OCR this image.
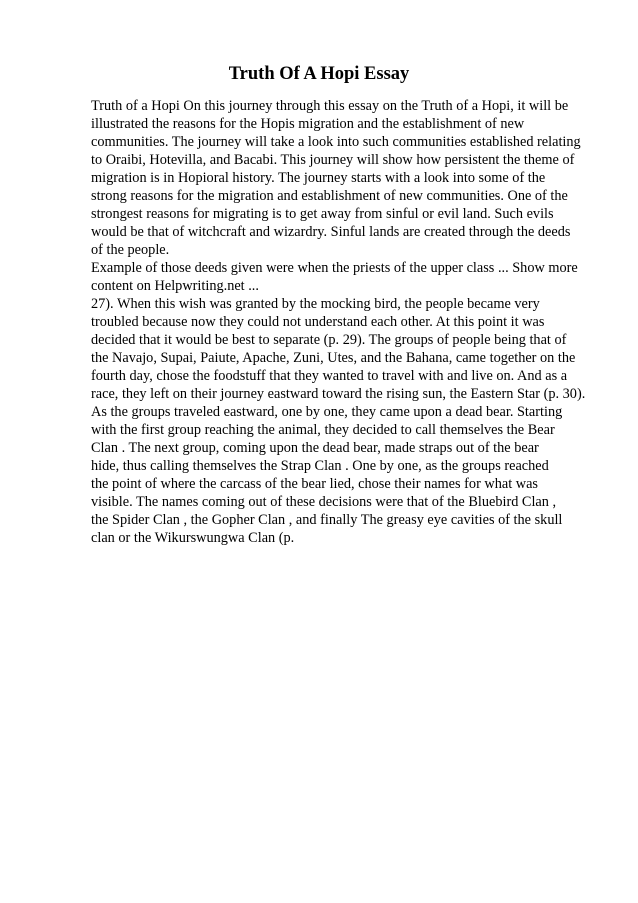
Truth Of A Hopi Essay
Truth of a Hopi On this journey through this essay on the Truth of a Hopi, it will be
illustrated the reasons for the Hopis migration and the establishment of new
communities. The journey will take a look into such communities established relating
to Oraibi, Hotevilla, and Bacabi. This journey will show how persistent the theme of
migration is in Hopioral history. The journey starts with a look into some of the
strong reasons for the migration and establishment of new communities. One of the
strongest reasons for migrating is to get away from sinful or evil land. Such evils
would be that of witchcraft and wizardry. Sinful lands are created through the deeds
of the people.
Example of those deeds given were when the priests of the upper class ... Show more
content on Helpwriting.net ...
27). When this wish was granted by the mocking bird, the people became very
troubled because now they could not understand each other. At this point it was
decided that it would be best to separate (p. 29). The groups of people being that of
the Navajo, Supai, Paiute, Apache, Zuni, Utes, and the Bahana, came together on the
fourth day, chose the foodstuff that they wanted to travel with and live on. And as a
race, they left on their journey eastward toward the rising sun, the Eastern Star (p. 30).
As the groups traveled eastward, one by one, they came upon a dead bear. Starting
with the first group reaching the animal, they decided to call themselves the Bear
Clan . The next group, coming upon the dead bear, made straps out of the bear
hide, thus calling themselves the Strap Clan . One by one, as the groups reached
the point of where the carcass of the bear lied, chose their names for what was
visible. The names coming out of these decisions were that of the Bluebird Clan ,
the Spider Clan , the Gopher Clan , and finally The greasy eye cavities of the skull
clan or the Wikurswungwa Clan (p.
